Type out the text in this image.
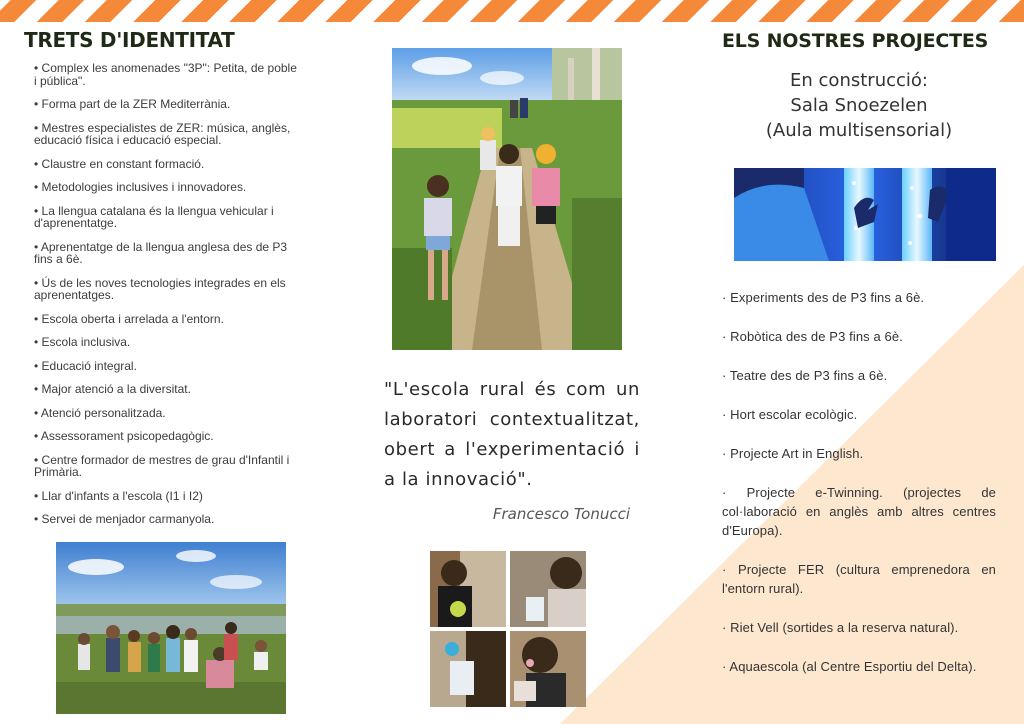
TRETS D'IDENTITAT
• Complex les anomenades "3P": Petita, de poble i pública".
• Forma part de la ZER Mediterrània.
• Mestres especialistes de ZER: música, anglès, educació física i educació especial.
• Claustre en constant formació.
• Metodologies inclusives i innovadores.
• La llengua catalana és la llengua vehicular i d'aprenentatge.
• Aprenentatge de la llengua anglesa des de P3 fins a 6è.
• Ús de les noves tecnologies integrades en els aprenentatges.
• Escola oberta i arrelada a l'entorn.
• Escola inclusiva.
• Educació integral.
• Major atenció a la diversitat.
• Atenció personalitzada.
• Assessorament psicopedagògic.
• Centre formador de mestres de grau d'Infantil i Primària.
• Llar d'infants a l'escola (I1 i I2)
• Servei de menjador carmanyola.
"L'escola rural és com un laboratori contextualitzat, obert a l'experimentació i a la innovació".
Francesco Tonucci
ELS NOSTRES PROJECTES
En construcció:
Sala Snoezelen
(Aula multisensorial)
· Experiments des de P3 fins a 6è.
· Robòtica des de P3 fins a 6è.
· Teatre des de P3 fins a 6è.
· Hort escolar ecològic.
· Projecte Art in English.
· Projecte e-Twinning. (projectes de col·laboració en anglès amb altres centres d'Europa).
· Projecte FER (cultura emprenedora en l'entorn rural).
· Riet Vell (sortides a la reserva natural).
· Aquaescola (al Centre Esportiu del Delta).
